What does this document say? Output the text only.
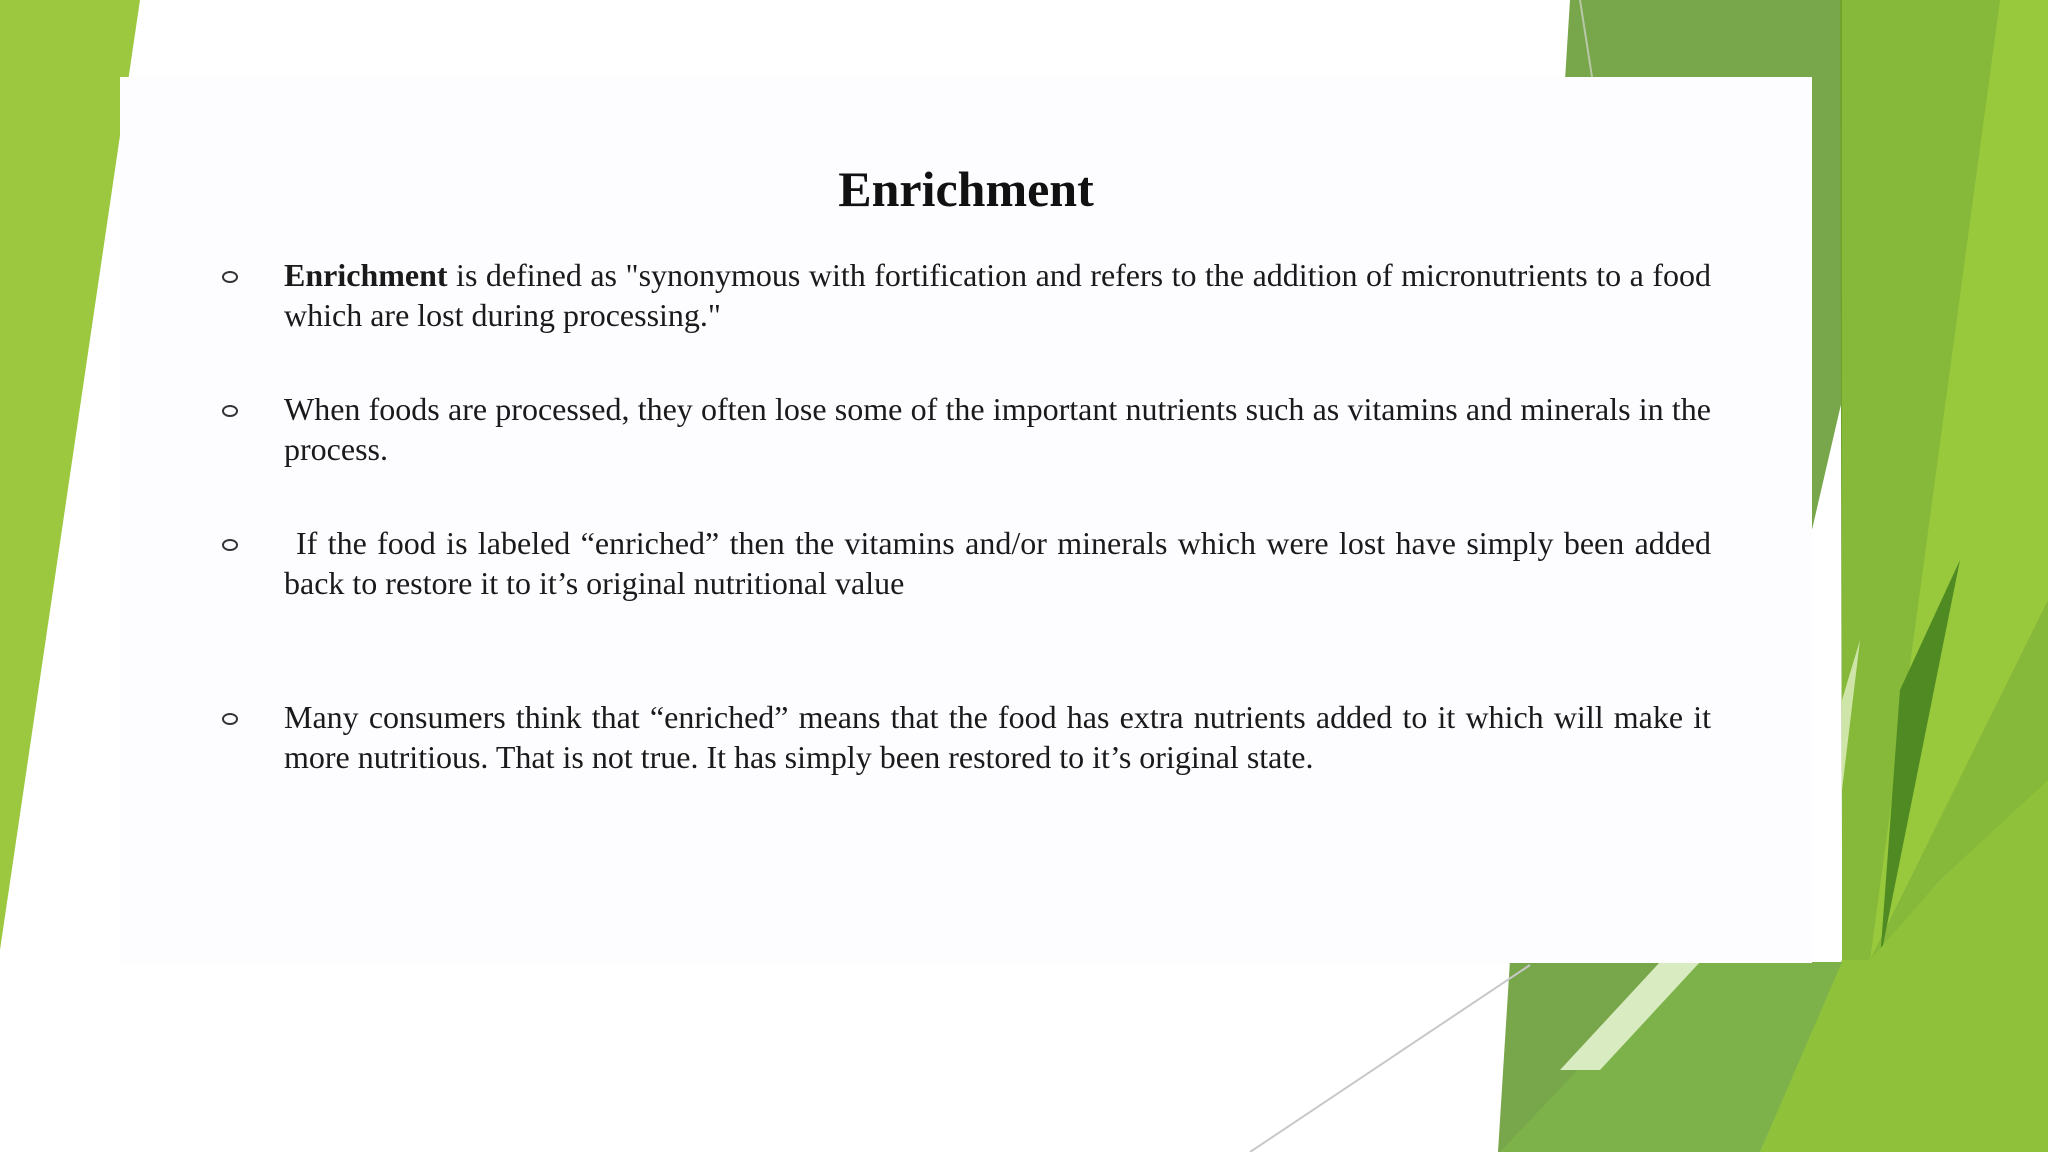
Enrichment

Enrichment is defined as "synonymous with fortification and refers to the addition of micronutrients to a food which are lost during processing."

When foods are processed, they often lose some of the important nutrients such as vitamins and minerals in the process.

If the food is labeled “enriched” then the vitamins and/or minerals which were lost have simply been added back to restore it to it’s original nutritional value

Many consumers think that “enriched” means that the food has extra nutrients added to it which will make it more nutritious. That is not true. It has simply been restored to it’s original state.
